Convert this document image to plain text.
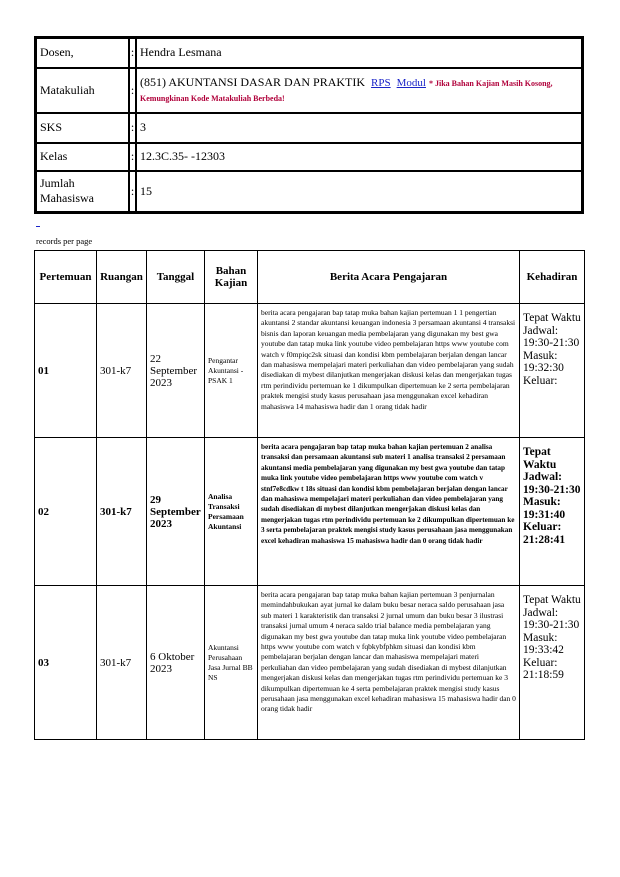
Dosen,	:	Hendra Lesmana
Matakuliah	:	(851) AKUNTANSI DASAR DAN PRAKTIK RPS Modul * Jika Bahan Kajian Masih Kosong, Kemungkinan Kode Matakuliah Berbeda!
SKS	:	3
Kelas	:	12.3C.35- -12303
Jumlah Mahasiswa	:	15
records per page
Pertemuan	Ruangan	Tanggal	Bahan Kajian	Berita Acara Pengajaran	Kehadiran
01	301-k7	22 September 2023	Pengantar Akuntansi - PSAK 1	berita acara pengajaran bap tatap muka bahan kajian pertemuan 1 1 pengertian akuntansi 2 standar akuntansi keuangan indonesia 3 persamaan akuntansi 4 transaksi bisnis dan laporan keuangan media pembelajaran yang digunakan my best gwa youtube dan tatap muka link youtube video pembelajaran https www youtube com watch v f0mpiqc2sk situasi dan kondisi kbm pembelajaran berjalan dengan lancar dan mahasiswa mempelajari materi perkuliahan dan video pembelajaran yang sudah disediakan di mybest dilanjutkan mengerjakan diskusi kelas dan mengerjakan tugas rtm perindividu pertemuan ke 1 dikumpulkan dipertemuan ke 2 serta pembelajaran praktek mengisi study kasus perusahaan jasa menggunakan excel kehadiran mahasiswa 14 mahasiswa hadir dan 1 orang tidak hadir	Tepat Waktu Jadwal: 19:30-21:30 Masuk: 19:32:30 Keluar:
02	301-k7	29 September 2023	Analisa Transaksi Persamaan Akuntansi	berita acara pengajaran bap tatap muka bahan kajian pertemuan 2 analisa transaksi dan persamaan akuntansi sub materi 1 analisa transaksi 2 persamaan akuntansi media pembelajaran yang digunakan my best gwa youtube dan tatap muka link youtube video pembelajaran https www youtube com watch v stnf7e8cdkw t 18s situasi dan kondisi kbm pembelajaran berjalan dengan lancar dan mahasiswa mempelajari materi perkuliahan dan video pembelajaran yang sudah disediakan di mybest dilanjutkan mengerjakan diskusi kelas dan mengerjakan tugas rtm perindividu pertemuan ke 2 dikumpulkan dipertemuan ke 3 serta pembelajaran praktek mengisi study kasus perusahaan jasa menggunakan excel kehadiran mahasiswa 15 mahasiswa hadir dan 0 orang tidak hadir	Tepat Waktu Jadwal: 19:30-21:30 Masuk: 19:31:40 Keluar: 21:28:41
03	301-k7	6 Oktober 2023	Akuntansi Perusahaan Jasa Jurnal BB NS	berita acara pengajaran bap tatap muka bahan kajian pertemuan 3 penjurnalan memindahbukukan ayat jurnal ke dalam buku besar neraca saldo perusahaan jasa sub materi 1 karakteristik dan transaksi 2 jurnal umum dan buku besar 3 ilustrasi transaksi jurnal umum 4 neraca saldo trial balance media pembelajaran yang digunakan my best gwa youtube dan tatap muka link youtube video pembelajaran https www youtube com watch v fqbkybfphkm situasi dan kondisi kbm pembelajaran berjalan dengan lancar dan mahasiswa mempelajari materi perkuliahan dan video pembelajaran yang sudah disediakan di mybest dilanjutkan mengerjakan diskusi kelas dan mengerjakan tugas rtm perindividu pertemuan ke 3 dikumpulkan dipertemuan ke 4 serta pembelajaran praktek mengisi study kasus perusahaan jasa menggunakan excel kehadiran mahasiswa 15 mahasiswa hadir dan 0 orang tidak hadir	Tepat Waktu Jadwal: 19:30-21:30 Masuk: 19:33:42 Keluar: 21:18:59
